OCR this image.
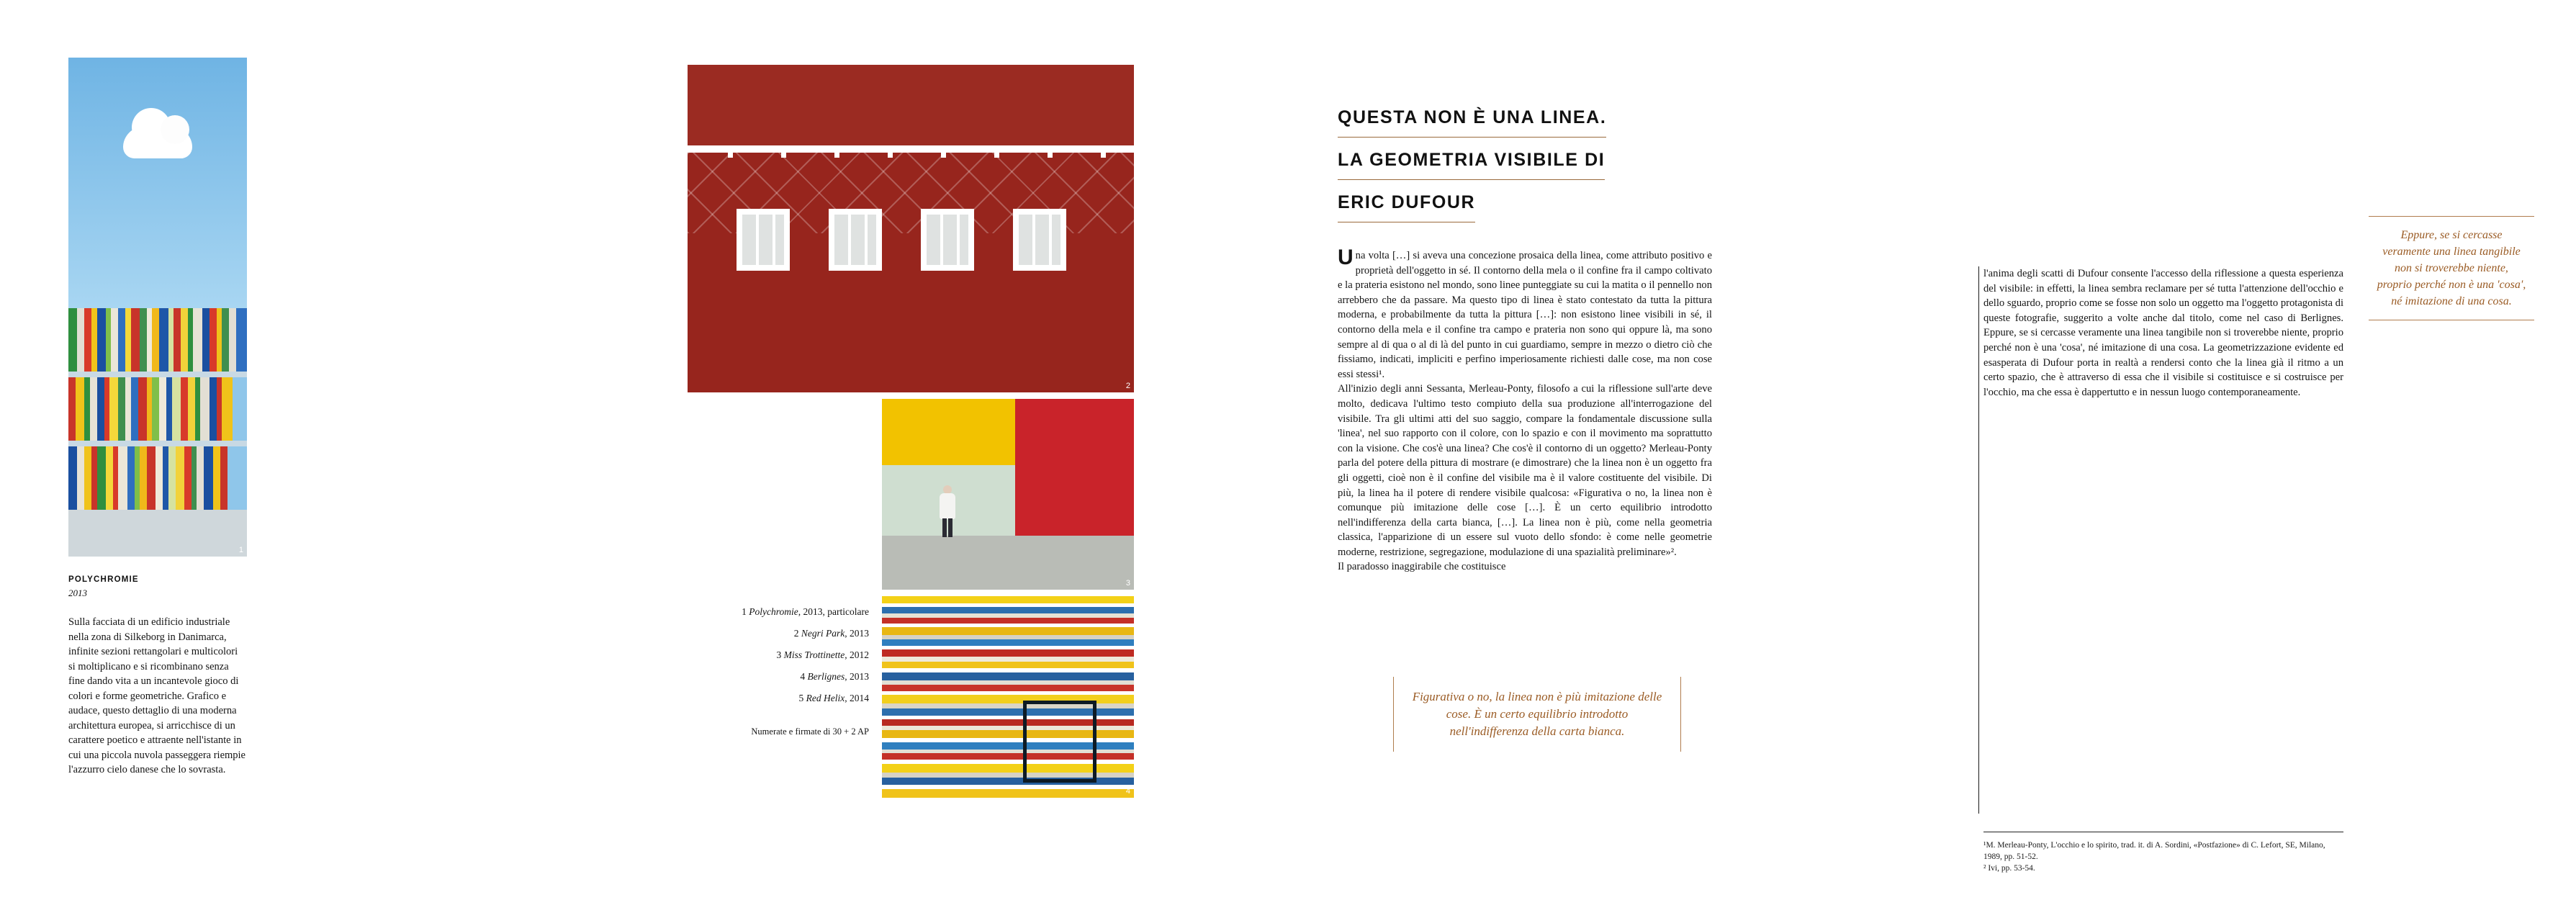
1
POLYCHROMIE
2013
Sulla facciata di un edificio industriale nella zona di Silkeborg in Danimarca, infinite sezioni rettangolari e multicolori si moltiplicano e si ricombinano senza fine dando vita a un incantevole gioco di colori e forme geometriche. Grafico e audace, questo dettaglio di una moderna architettura europea, si arricchisce di un carattere poetico e attraente nell'istante in cui una piccola nuvola passeggera riempie l'azzurro cielo danese che lo sovrasta.
2
3
4
1 Polychromie, 2013, particolare
2 Negri Park, 2013
3 Miss Trottinette, 2012
4 Berlignes, 2013
5 Red Helix, 2014
Numerate e firmate di 30 + 2 AP
QUESTA NON È UNA LINEA.
LA GEOMETRIA VISIBILE DI
ERIC DUFOUR

Una volta […] si aveva una concezione prosaica della linea, come attributo positivo e proprietà dell'oggetto in sé. Il contorno della mela o il confine fra il campo coltivato e la prateria esistono nel mondo, sono linee punteggiate su cui la matita o il pennello non arrebbero che da passare. Ma questo tipo di linea è stato contestato da tutta la pittura moderna, e probabilmente da tutta la pittura […]: non esistono linee visibili in sé, il contorno della mela e il confine tra campo e prateria non sono qui oppure là, ma sono sempre al di qua o al di là del punto in cui guardiamo, sempre in mezzo o dietro ciò che fissiamo, indicati, impliciti e perfino imperiosamente richiesti dalle cose, ma non cose essi stessi¹.

All'inizio degli anni Sessanta, Merleau-Ponty, filosofo a cui la riflessione sull'arte deve molto, dedicava l'ultimo testo compiuto della sua produzione all'interrogazione del visibile. Tra gli ultimi atti del suo saggio, compare la fondamentale discussione sulla 'linea', nel suo rapporto con il colore, con lo spazio e con il movimento ma soprattutto con la visione. Che cos'è una linea? Che cos'è il contorno di un oggetto? Merleau-Ponty parla del potere della pittura di mostrare (e dimostrare) che la linea non è un oggetto fra gli oggetti, cioè non è il confine del visibile ma è il valore costituente del visibile. Di più, la linea ha il potere di rendere visibile qualcosa: «Figurativa o no, la linea non è comunque più imitazione delle cose […]. È un certo equilibrio introdotto nell'indifferenza della carta bianca, […]. La linea non è più, come nella geometria classica, l'apparizione di un essere sul vuoto dello sfondo: è come nelle geometrie moderne, restrizione, segregazione, modulazione di una spazialità preliminare»².

Il paradosso inaggirabile che costituisce

Figurativa o no, la linea non è più imitazione delle cose. È un certo equilibrio introdotto nell'indifferenza della carta bianca.

l'anima degli scatti di Dufour consente l'accesso della riflessione a questa esperienza del visibile: in effetti, la linea sembra reclamare per sé tutta l'attenzione dell'occhio e dello sguardo, proprio come se fosse non solo un oggetto ma l'oggetto protagonista di queste fotografie, suggerito a volte anche dal titolo, come nel caso di Berlignes. Eppure, se si cercasse veramente una linea tangibile non si troverebbe niente, proprio perché non è una 'cosa', né imitazione di una cosa. La geometrizzazione evidente ed esasperata di Dufour porta in realtà a rendersi conto che la linea già il ritmo a un certo spazio, che è attraverso di essa che il visibile si costituisce e si costruisce per l'occhio, ma che essa è dappertutto e in nessun luogo contemporaneamente.

¹M. Merleau-Ponty, L'occhio e lo spirito, trad. it. di A. Sordini, «Postfazione» di C. Lefort, SE, Milano, 1989, pp. 51-52.
² Ivi, pp. 53-54.
Eppure, se si cercasse veramente una linea tangibile non si troverebbe niente, proprio perché non è una 'cosa', né imitazione di una cosa.
